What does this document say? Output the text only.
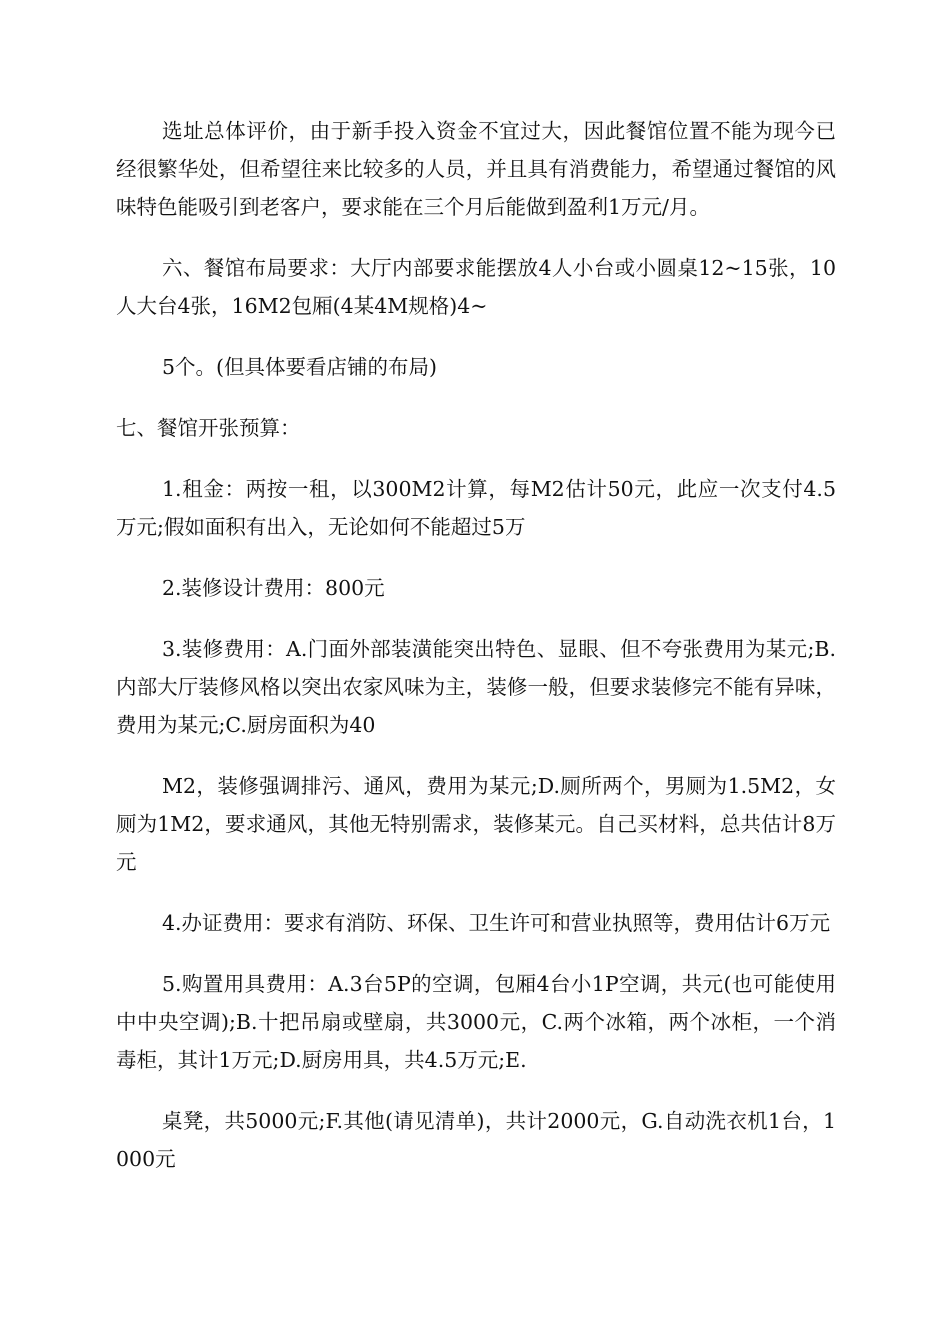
选址总体评价，由于新手投入资金不宜过大，因此餐馆位置不能为现今已经很繁华处，但希望往来比较多的人员，并且具有消费能力，希望通过餐馆的风味特色能吸引到老客户，要求能在三个月后能做到盈利1万元/月。

六、餐馆布局要求：大厅内部要求能摆放4人小台或小圆桌12~15张，10人大台4张，16M2包厢(4某4M规格)4~

5个。(但具体要看店铺的布局)

七、餐馆开张预算：

1.租金：两按一租，以300M2计算，每M2估计50元，此应一次支付4.5万元;假如面积有出入，无论如何不能超过5万

2.装修设计费用：800元

3.装修费用：A.门面外部装潢能突出特色、显眼、但不夸张费用为某元;B.内部大厅装修风格以突出农家风味为主，装修一般，但要求装修完不能有异味，费用为某元;C.厨房面积为40

M2，装修强调排污、通风，费用为某元;D.厕所两个，男厕为1.5M2，女厕为1M2，要求通风，其他无特别需求，装修某元。自己买材料，总共估计8万元

4.办证费用：要求有消防、环保、卫生许可和营业执照等，费用估计6万元

5.购置用具费用：A.3台5P的空调，包厢4台小1P空调，共元(也可能使用中中央空调);B.十把吊扇或壁扇，共3000元，C.两个冰箱，两个冰柜，一个消毒柜，其计1万元;D.厨房用具，共4.5万元;E.

桌凳，共5000元;F.其他(请见清单)，共计2000元，G.自动洗衣机1台，1000元
